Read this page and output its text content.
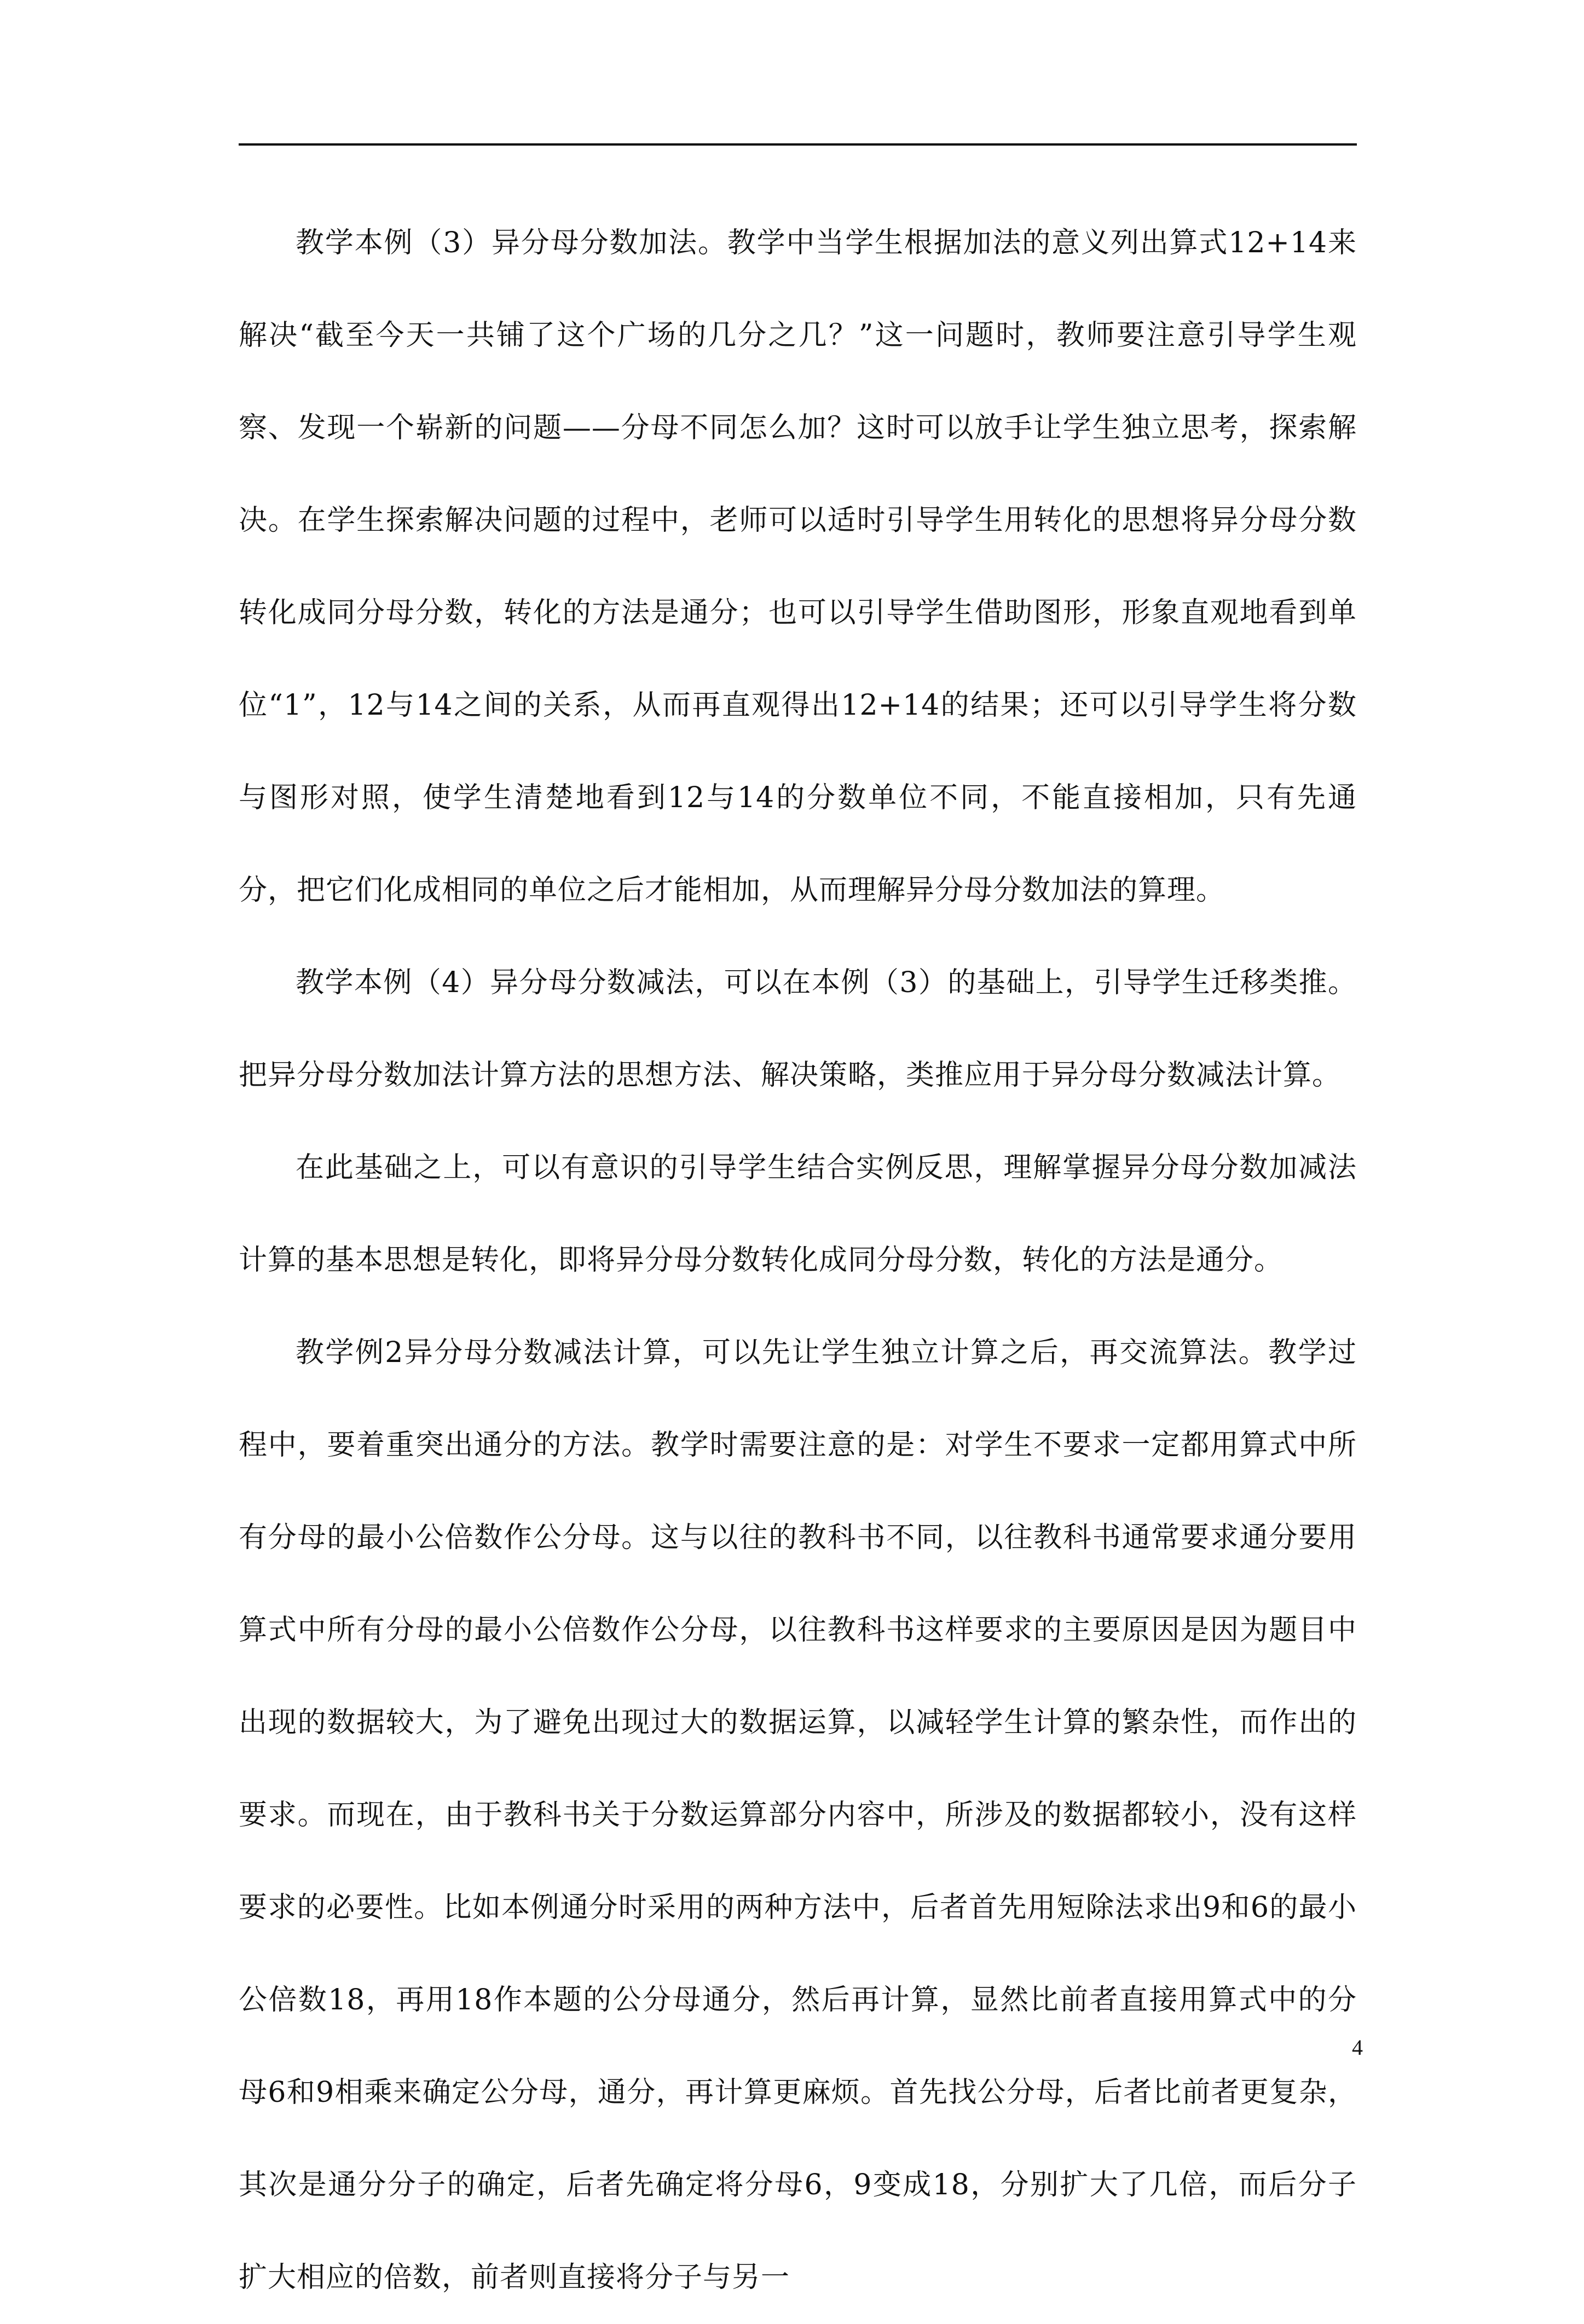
教学本例（3）异分母分数加法。教学中当学生根据加法的意义列出算式12+14来解决“截至今天一共铺了这个广场的几分之几？”这一问题时，教师要注意引导学生观察、发现一个崭新的问题——分母不同怎么加？这时可以放手让学生独立思考，探索解决。在学生探索解决问题的过程中，老师可以适时引导学生用转化的思想将异分母分数转化成同分母分数，转化的方法是通分；也可以引导学生借助图形，形象直观地看到单位“1”，12与14之间的关系，从而再直观得出12+14的结果；还可以引导学生将分数与图形对照，使学生清楚地看到12与14的分数单位不同，不能直接相加，只有先通分，把它们化成相同的单位之后才能相加，从而理解异分母分数加法的算理。

教学本例（4）异分母分数减法，可以在本例（3）的基础上，引导学生迁移类推。把异分母分数加法计算方法的思想方法、解决策略，类推应用于异分母分数减法计算。

在此基础之上，可以有意识的引导学生结合实例反思，理解掌握异分母分数加减法计算的基本思想是转化，即将异分母分数转化成同分母分数，转化的方法是通分。

教学例2异分母分数减法计算，可以先让学生独立计算之后，再交流算法。教学过程中，要着重突出通分的方法。教学时需要注意的是：对学生不要求一定都用算式中所有分母的最小公倍数作公分母。这与以往的教科书不同，以往教科书通常要求通分要用算式中所有分母的最小公倍数作公分母，以往教科书这样要求的主要原因是因为题目中出现的数据较大，为了避免出现过大的数据运算，以减轻学生计算的繁杂性，而作出的要求。而现在，由于教科书关于分数运算部分内容中，所涉及的数据都较小，没有这样要求的必要性。比如本例通分时采用的两种方法中，后者首先用短除法求出9和6的最小公倍数18，再用18作本题的公分母通分，然后再计算，显然比前者直接用算式中的分母6和9相乘来确定公分母，通分，再计算更麻烦。首先找公分母，后者比前者更复杂，其次是通分分子的确定，后者先确定将分母6，9变成18，分别扩大了几倍，而后分子扩大相应的倍数，前者则直接将分子与另一

4
